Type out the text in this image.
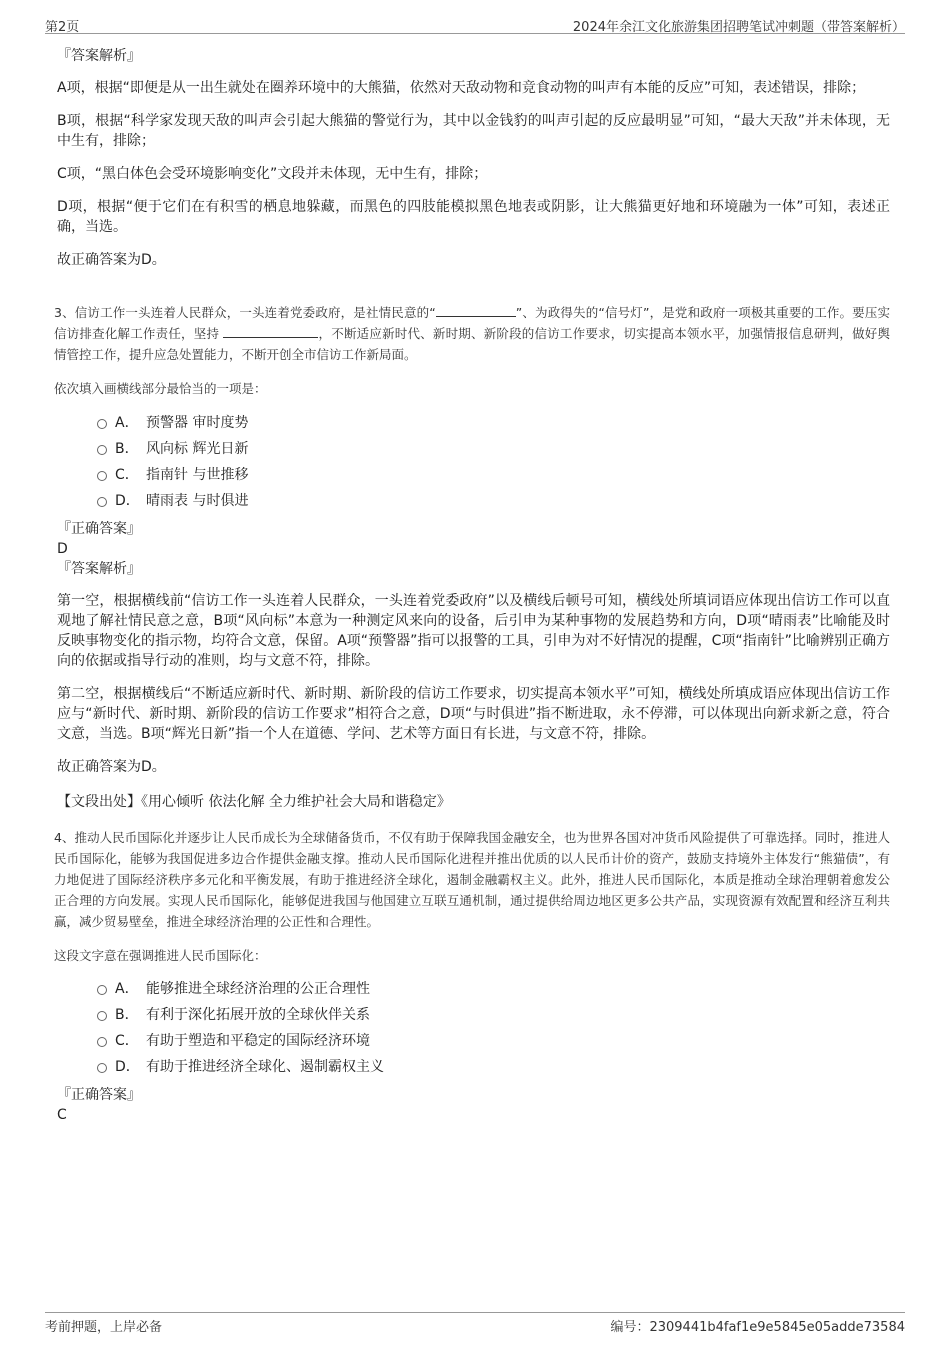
第2页	2024年余江文化旅游集团招聘笔试冲刺题（带答案解析）
『答案解析』

A项，根据“即便是从一出生就处在圈养环境中的大熊猫，依然对天敌动物和竞食动物的叫声有本能的反应”可知，表述错误，排除；

B项，根据“科学家发现天敌的叫声会引起大熊猫的警觉行为，其中以金钱豹的叫声引起的反应最明显”可知，“最大天敌”并未体现，无中生有，排除；

C项，“黑白体色会受环境影响变化”文段并未体现，无中生有，排除；

D项，根据“便于它们在有积雪的栖息地躲藏，而黑色的四肢能模拟黑色地表或阴影，让大熊猫更好地和环境融为一体”可知，表述正确，当选。

故正确答案为D。

3、信访工作一头连着人民群众，一头连着党委政府，是社情民意的“	”、为政得失的“信号灯”，是党和政府一项极其重要的工作。要压实信访排查化解工作责任，坚持	，不断适应新时代、新时期、新阶段的信访工作要求，切实提高本领水平，加强情报信息研判，做好舆情管控工作，提升应急处置能力，不断开创全市信访工作新局面。

依次填入画横线部分最恰当的一项是：

A． 预警器 审时度势
B． 风向标 辉光日新
C． 指南针 与世推移
D． 晴雨表 与时俱进
『正确答案』
D
『答案解析』

第一空，根据横线前“信访工作一头连着人民群众，一头连着党委政府”以及横线后顿号可知，横线处所填词语应体现出信访工作可以直观地了解社情民意之意，B项“风向标”本意为一种测定风来向的设备，后引申为某种事物的发展趋势和方向，D项“晴雨表”比喻能及时反映事物变化的指示物，均符合文意，保留。A项“预警器”指可以报警的工具，引申为对不好情况的提醒，C项“指南针”比喻辨别正确方向的依据或指导行动的准则，均与文意不符，排除。

第二空，根据横线后“不断适应新时代、新时期、新阶段的信访工作要求，切实提高本领水平”可知，横线处所填成语应体现出信访工作应与“新时代、新时期、新阶段的信访工作要求”相符合之意，D项“与时俱进”指不断进取，永不停滞，可以体现出向新求新之意，符合文意，当选。B项“辉光日新”指一个人在道德、学问、艺术等方面日有长进，与文意不符，排除。

故正确答案为D。

【文段出处】《用心倾听 依法化解 全力维护社会大局和谐稳定》

4、推动人民币国际化并逐步让人民币成长为全球储备货币，不仅有助于保障我国金融安全，也为世界各国对冲货币风险提供了可靠选择。同时，推进人民币国际化，能够为我国促进多边合作提供金融支撑。推动人民币国际化进程并推出优质的以人民币计价的资产，鼓励支持境外主体发行“熊猫债”，有力地促进了国际经济秩序多元化和平衡发展，有助于推进经济全球化，遏制金融霸权主义。此外，推进人民币国际化，本质是推动全球治理朝着愈发公正合理的方向发展。实现人民币国际化，能够促进我国与他国建立互联互通机制，通过提供给周边地区更多公共产品，实现资源有效配置和经济互利共赢，减少贸易壁垒，推进全球经济治理的公正性和合理性。

这段文字意在强调推进人民币国际化：

A． 能够推进全球经济治理的公正合理性
B． 有利于深化拓展开放的全球伙伴关系
C． 有助于塑造和平稳定的国际经济环境
D． 有助于推进经济全球化、遏制霸权主义
『正确答案』
C
考前押题，上岸必备	编号：2309441b4faf1e9e5845e05adde73584
